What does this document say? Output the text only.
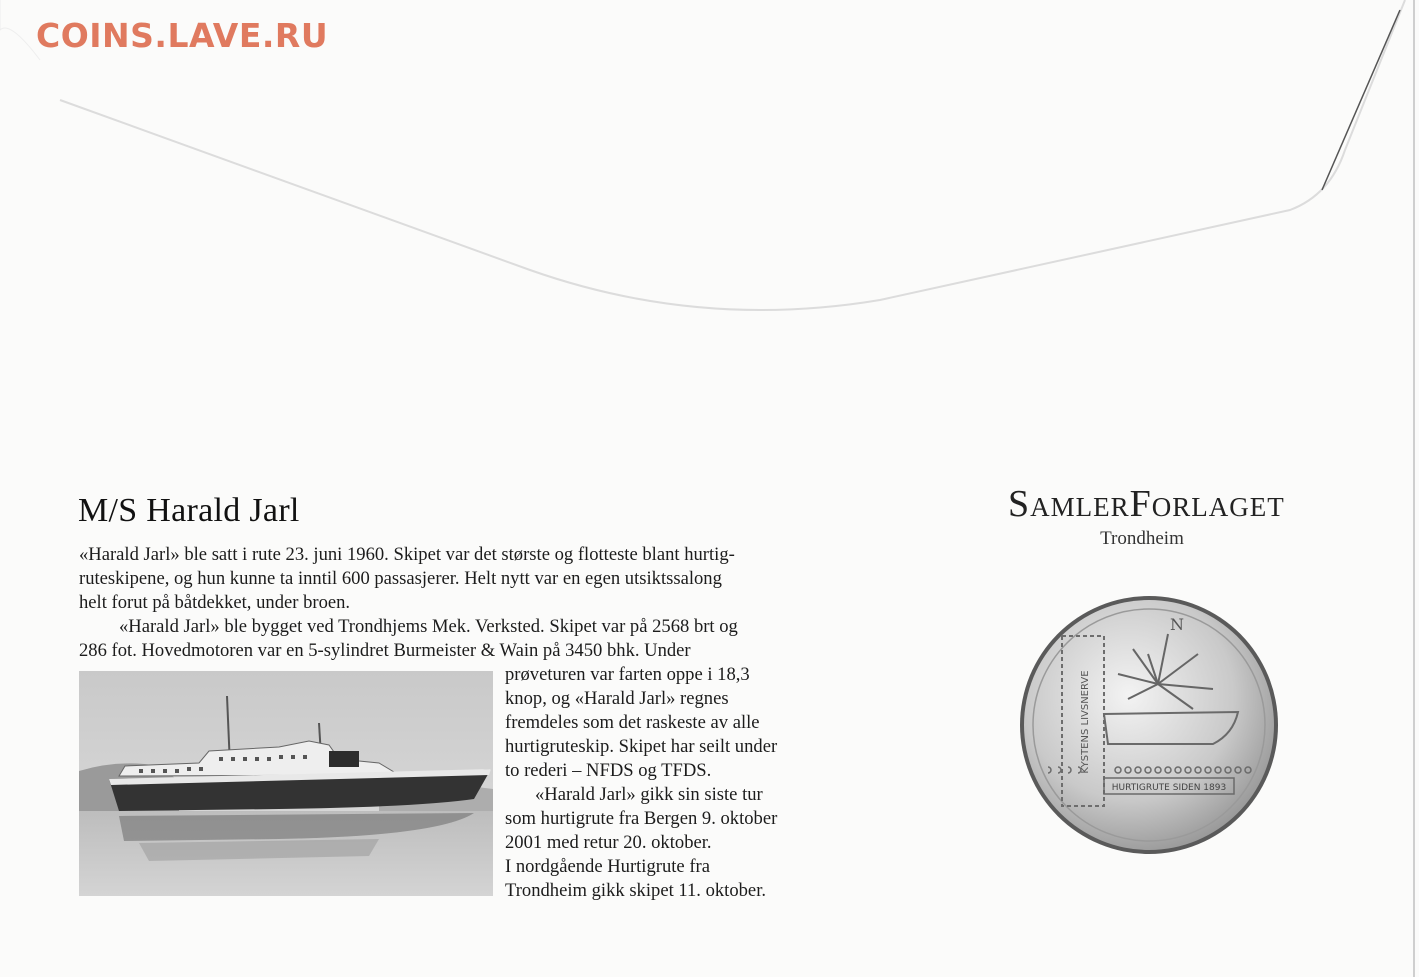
COINS.LAVE.RU
M/S Harald Jarl
«Harald Jarl» ble satt i rute 23. juni 1960. Skipet var det største og flotteste blant hurtig-
ruteskipene, og hun kunne ta inntil 600 passasjerer. Helt nytt var en egen utsiktssalong
helt forut på båtdekket, under broen.
«Harald Jarl» ble bygget ved Trondhjems Mek. Verksted. Skipet var på 2568 brt og
286 fot. Hovedmotoren var en 5-sylindret Burmeister & Wain på 3450 bhk. Under
prøveturen var farten oppe i 18,3
knop, og «Harald Jarl» regnes
fremdeles som det raskeste av alle
hurtigruteskip. Skipet har seilt under
to rederi – NFDS og TFDS.
«Harald Jarl» gikk sin siste tur
som hurtigrute fra Bergen 9. oktober
2001 med retur 20. oktober.
I nordgående Hurtigrute fra
Trondheim gikk skipet 11. oktober.
SamlerForlaget
Trondheim
KYSTENS LIVSNERVE
N
HURTIGRUTE SIDEN 1893
